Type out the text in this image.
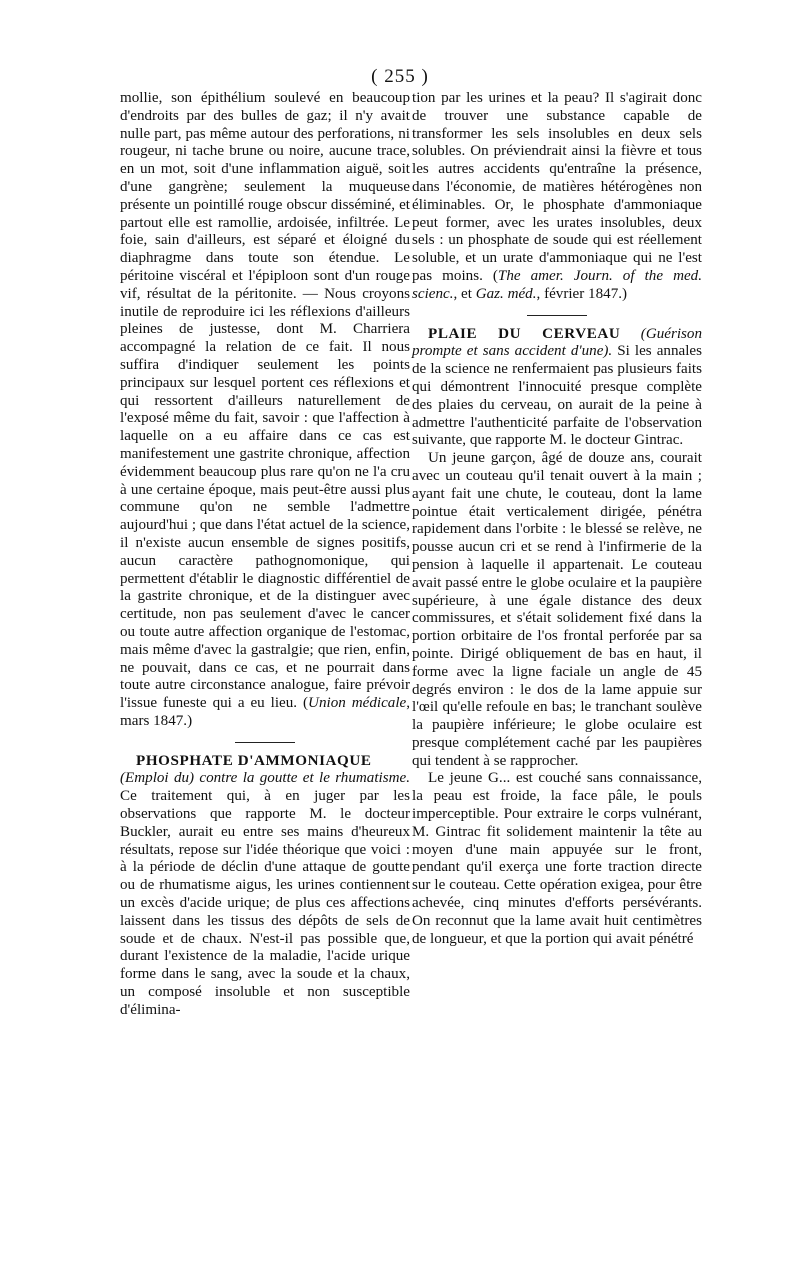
( 255 )

mollie, son épithélium soulevé en beaucoup d'endroits par des bulles de gaz; il n'y avait nulle part, pas même autour des perforations, ni rougeur, ni tache brune ou noire, aucune trace, en un mot, soit d'une inflammation aiguë, soit d'une gangrène; seulement la muqueuse présente un pointillé rouge obscur disséminé, et partout elle est ramollie, ardoisée, infiltrée. Le foie, sain d'ailleurs, est séparé et éloigné du diaphragme dans toute son étendue. Le péritoine viscéral et l'épiploon sont d'un rouge vif, résultat de la péritonite. — Nous croyons inutile de reproduire ici les réflexions d'ailleurs pleines de justesse, dont M. Charriera accompagné la relation de ce fait. Il nous suffira d'indiquer seulement les points principaux sur lesquel portent ces réflexions et qui ressortent d'ailleurs naturellement de l'exposé même du fait, savoir : que l'affection à laquelle on a eu affaire dans ce cas est manifestement une gastrite chronique, affection évidemment beaucoup plus rare qu'on ne l'a cru à une certaine époque, mais peut-être aussi plus commune qu'on ne semble l'admettre aujourd'hui ; que dans l'état actuel de la science, il n'existe aucun ensemble de signes positifs, aucun caractère pathognomonique, qui permettent d'établir le diagnostic différentiel de la gastrite chronique, et de la distinguer avec certitude, non pas seulement d'avec le cancer ou toute autre affection organique de l'estomac, mais même d'avec la gastralgie; que rien, enfin, ne pouvait, dans ce cas, et ne pourrait dans toute autre circonstance analogue, faire prévoir l'issue funeste qui a eu lieu. (Union médicale, mars 1847.)

PHOSPHATE D'AMMONIAQUE
(Emploi du) contre la goutte et le rhumatisme. Ce traitement qui, à en juger par les observations que rapporte M. le docteur Buckler, aurait eu entre ses mains d'heureux résultats, repose sur l'idée théorique que voici : à la période de déclin d'une attaque de goutte ou de rhumatisme aigus, les urines contiennent un excès d'acide urique; de plus ces affections laissent dans les tissus des dépôts de sels de soude et de chaux. N'est-il pas possible que, durant l'existence de la maladie, l'acide urique forme dans le sang, avec la soude et la chaux, un composé insoluble et non susceptible d'élimina-

tion par les urines et la peau? Il s'agirait donc de trouver une substance capable de transformer les sels insolubles en deux sels solubles. On préviendrait ainsi la fièvre et tous les autres accidents qu'entraîne la présence, dans l'économie, de matières hétérogènes non éliminables. Or, le phosphate d'ammoniaque peut former, avec les urates insolubles, deux sels : un phosphate de soude qui est réellement soluble, et un urate d'ammoniaque qui ne l'est pas moins. (The amer. Journ. of the med. scienc., et Gaz. méd., février 1847.)

PLAIE DU CERVEAU (Guérison prompte et sans accident d'une). Si les annales de la science ne renfermaient pas plusieurs faits qui démontrent l'innocuité presque complète des plaies du cerveau, on aurait de la peine à admettre l'authenticité parfaite de l'observation suivante, que rapporte M. le docteur Gintrac.

Un jeune garçon, âgé de douze ans, courait avec un couteau qu'il tenait ouvert à la main ; ayant fait une chute, le couteau, dont la lame pointue était verticalement dirigée, pénétra rapidement dans l'orbite : le blessé se relève, ne pousse aucun cri et se rend à l'infirmerie de la pension à laquelle il appartenait. Le couteau avait passé entre le globe oculaire et la paupière supérieure, à une égale distance des deux commissures, et s'était solidement fixé dans la portion orbitaire de l'os frontal perforée par sa pointe. Dirigé obliquement de bas en haut, il forme avec la ligne faciale un angle de 45 degrés environ : le dos de la lame appuie sur l'œil qu'elle refoule en bas; le tranchant soulève la paupière inférieure; le globe oculaire est presque complétement caché par les paupières qui tendent à se rapprocher.

Le jeune G... est couché sans connaissance, la peau est froide, la face pâle, le pouls imperceptible. Pour extraire le corps vulnérant, M. Gintrac fit solidement maintenir la tête au moyen d'une main appuyée sur le front, pendant qu'il exerça une forte traction directe sur le couteau. Cette opération exigea, pour être achevée, cinq minutes d'efforts persévérants. On reconnut que la lame avait huit centimètres de longueur, et que la portion qui avait pénétré
